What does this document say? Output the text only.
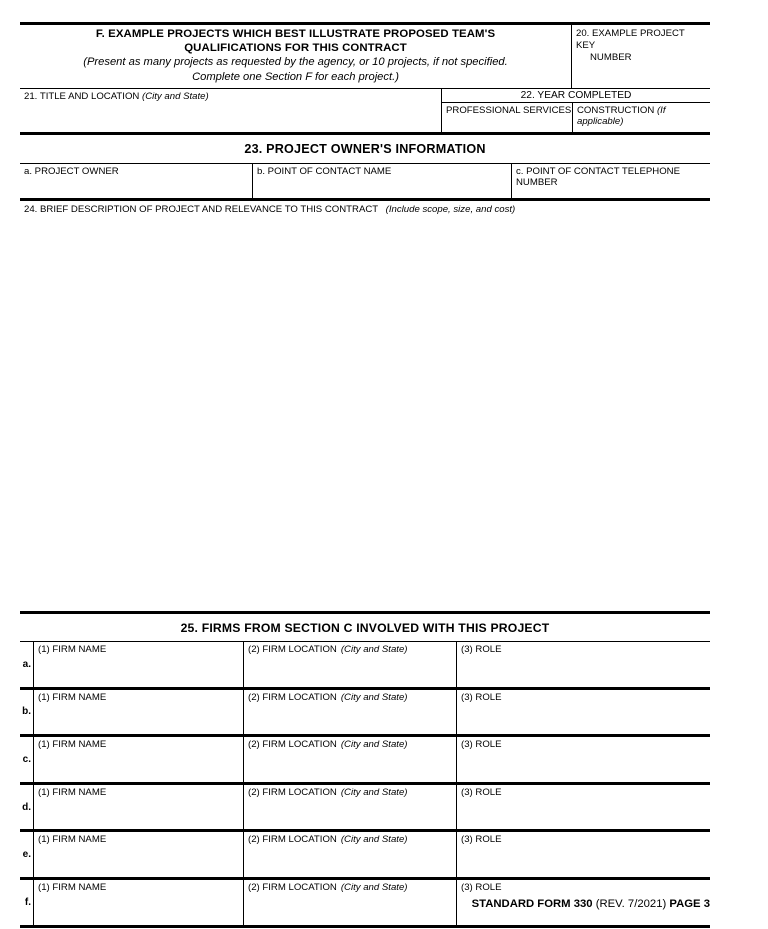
F. EXAMPLE PROJECTS WHICH BEST ILLUSTRATE PROPOSED TEAM'S
QUALIFICATIONS FOR THIS CONTRACT
(Present as many projects as requested by the agency, or 10 projects, if not specified.
Complete one Section F for each project.)
20. EXAMPLE PROJECT KEY
NUMBER
21. TITLE AND LOCATION (City and State)	22. YEAR COMPLETED
PROFESSIONAL SERVICES CONSTRUCTION (If applicable)
23. PROJECT OWNER'S INFORMATION
a. PROJECT OWNER	b. POINT OF CONTACT NAME	c. POINT OF CONTACT TELEPHONE NUMBER
24. BRIEF DESCRIPTION OF PROJECT AND RELEVANCE TO THIS CONTRACT (Include scope, size, and cost)
25. FIRMS FROM SECTION C INVOLVED WITH THIS PROJECT
a.
(1) FIRM NAME	(2) FIRM LOCATION (City and State)	(3) ROLE
b.
(1) FIRM NAME	(2) FIRM LOCATION (City and State)	(3) ROLE
c.
(1) FIRM NAME	(2) FIRM LOCATION (City and State)	(3) ROLE
d.
(1) FIRM NAME	(2) FIRM LOCATION (City and State)	(3) ROLE
e.
(1) FIRM NAME	(2) FIRM LOCATION (City and State)	(3) ROLE
f.
(1) FIRM NAME	(2) FIRM LOCATION (City and State)	(3) ROLE
STANDARD FORM 330 (REV. 7/2021) PAGE 3
